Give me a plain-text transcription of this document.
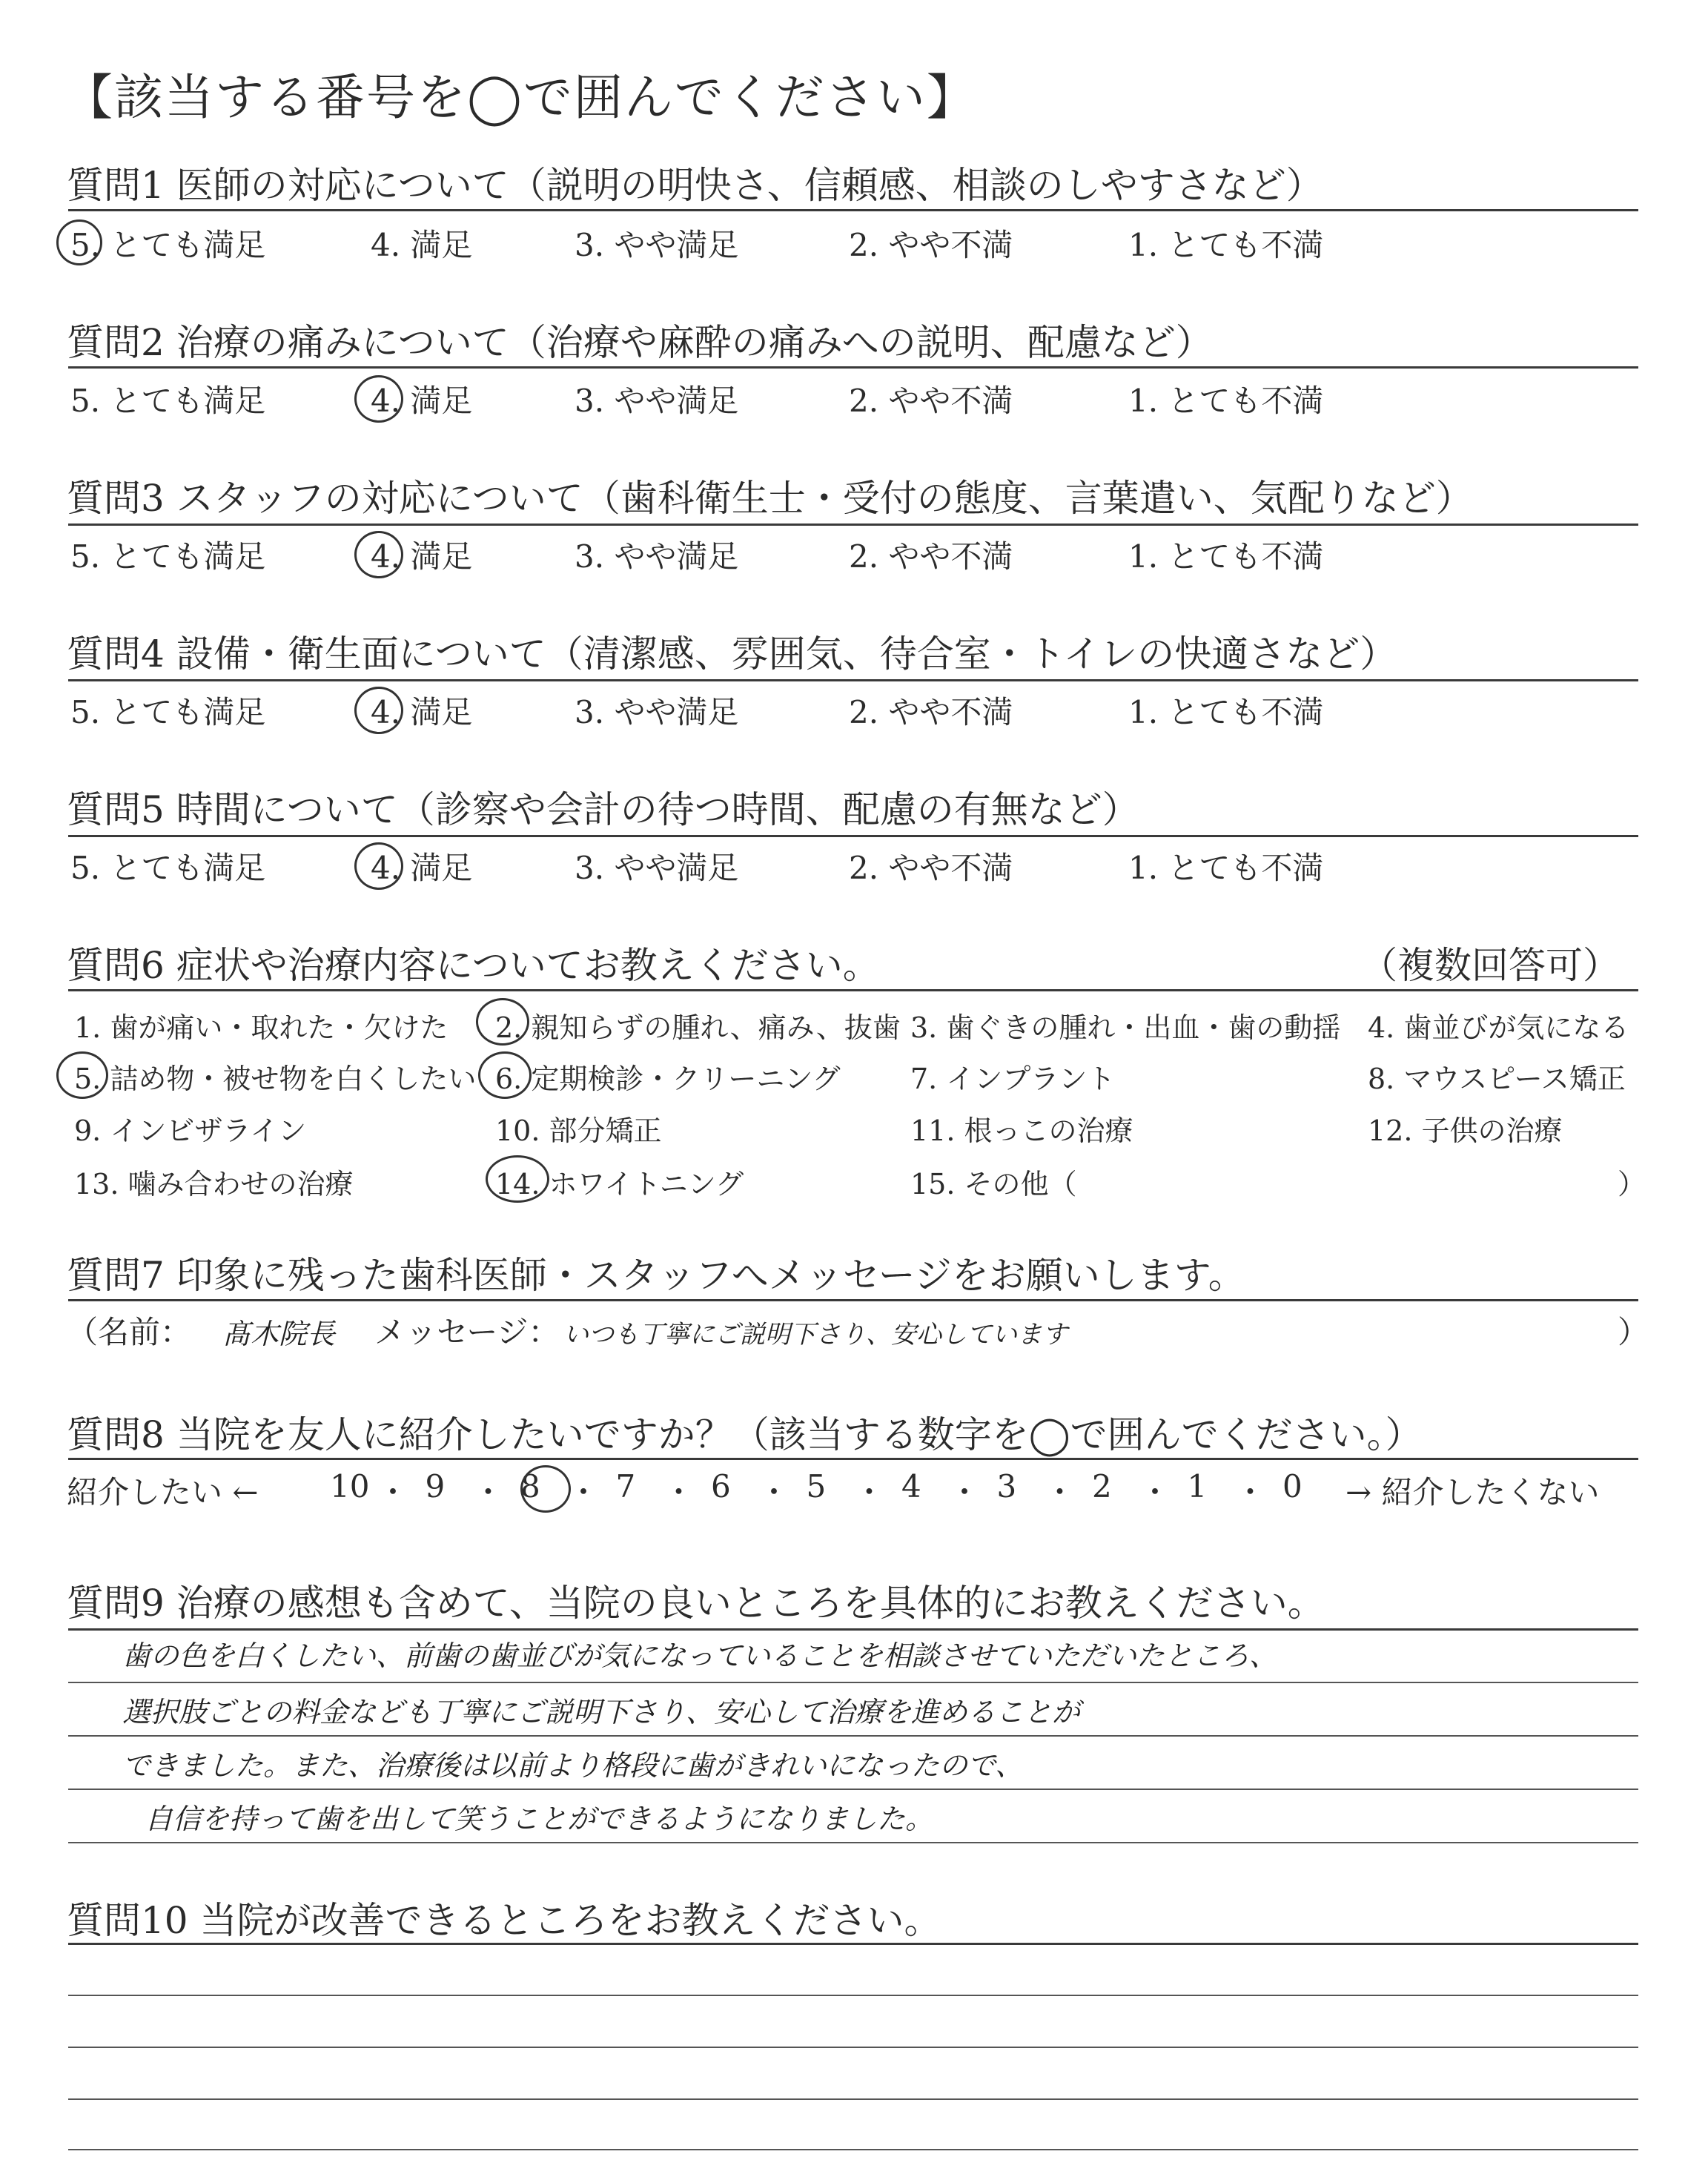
【該当する番号を◯で囲んでください】
質問1 医師の対応について（説明の明快さ、信頼感、相談のしやすさなど）
5. とても満足	4. 満足	3. やや満足	2. やや不満	1. とても不満
質問2 治療の痛みについて（治療や麻酔の痛みへの説明、配慮など）
5. とても満足	4. 満足	3. やや満足	2. やや不満	1. とても不満
質問3 スタッフの対応について（歯科衛生士・受付の態度、言葉遣い、気配りなど）
5. とても満足	4. 満足	3. やや満足	2. やや不満	1. とても不満
質問4 設備・衛生面について（清潔感、雰囲気、待合室・トイレの快適さなど）
5. とても満足	4. 満足	3. やや満足	2. やや不満	1. とても不満
質問5 時間について（診察や会計の待つ時間、配慮の有無など）
5. とても満足	4. 満足	3. やや満足	2. やや不満	1. とても不満
質問6 症状や治療内容についてお教えください。	（複数回答可）
1. 歯が痛い・取れた・欠けた 2. 親知らずの腫れ、痛み、抜歯 3. 歯ぐきの腫れ・出血・歯の動揺 4. 歯並びが気になる
5. 詰め物・被せ物を白くしたい 6. 定期検診・クリーニング 7. インプラント	8. マウスピース矯正
9. インビザライン	10. 部分矯正	11. 根っこの治療	12. 子供の治療
13. 噛み合わせの治療	14. ホワイトニング	15. その他（	）
質問7 印象に残った歯科医師・スタッフへメッセージをお願いします。
（名前： 髙木院長 メッセージ： いつも丁寧にご説明下さり、安心しています	）
質問8 当院を友人に紹介したいですか？（該当する数字を◯で囲んでください。）
紹介したい ← 10 ・ 9 ・ 8 ・ 7 ・ 6 ・ 5 ・ 4 ・ 3 ・ 2 ・ 1 ・ 0 → 紹介したくない
質問9 治療の感想も含めて、当院の良いところを具体的にお教えください。
歯の色を白くしたい、前歯の歯並びが気になっていることを相談させていただいたところ、
選択肢ごとの料金なども丁寧にご説明下さり、安心して治療を進めることが
できました。また、治療後は以前より格段に歯がきれいになったので、
自信を持って歯を出して笑うことができるようになりました。
質問10 当院が改善できるところをお教えください。
